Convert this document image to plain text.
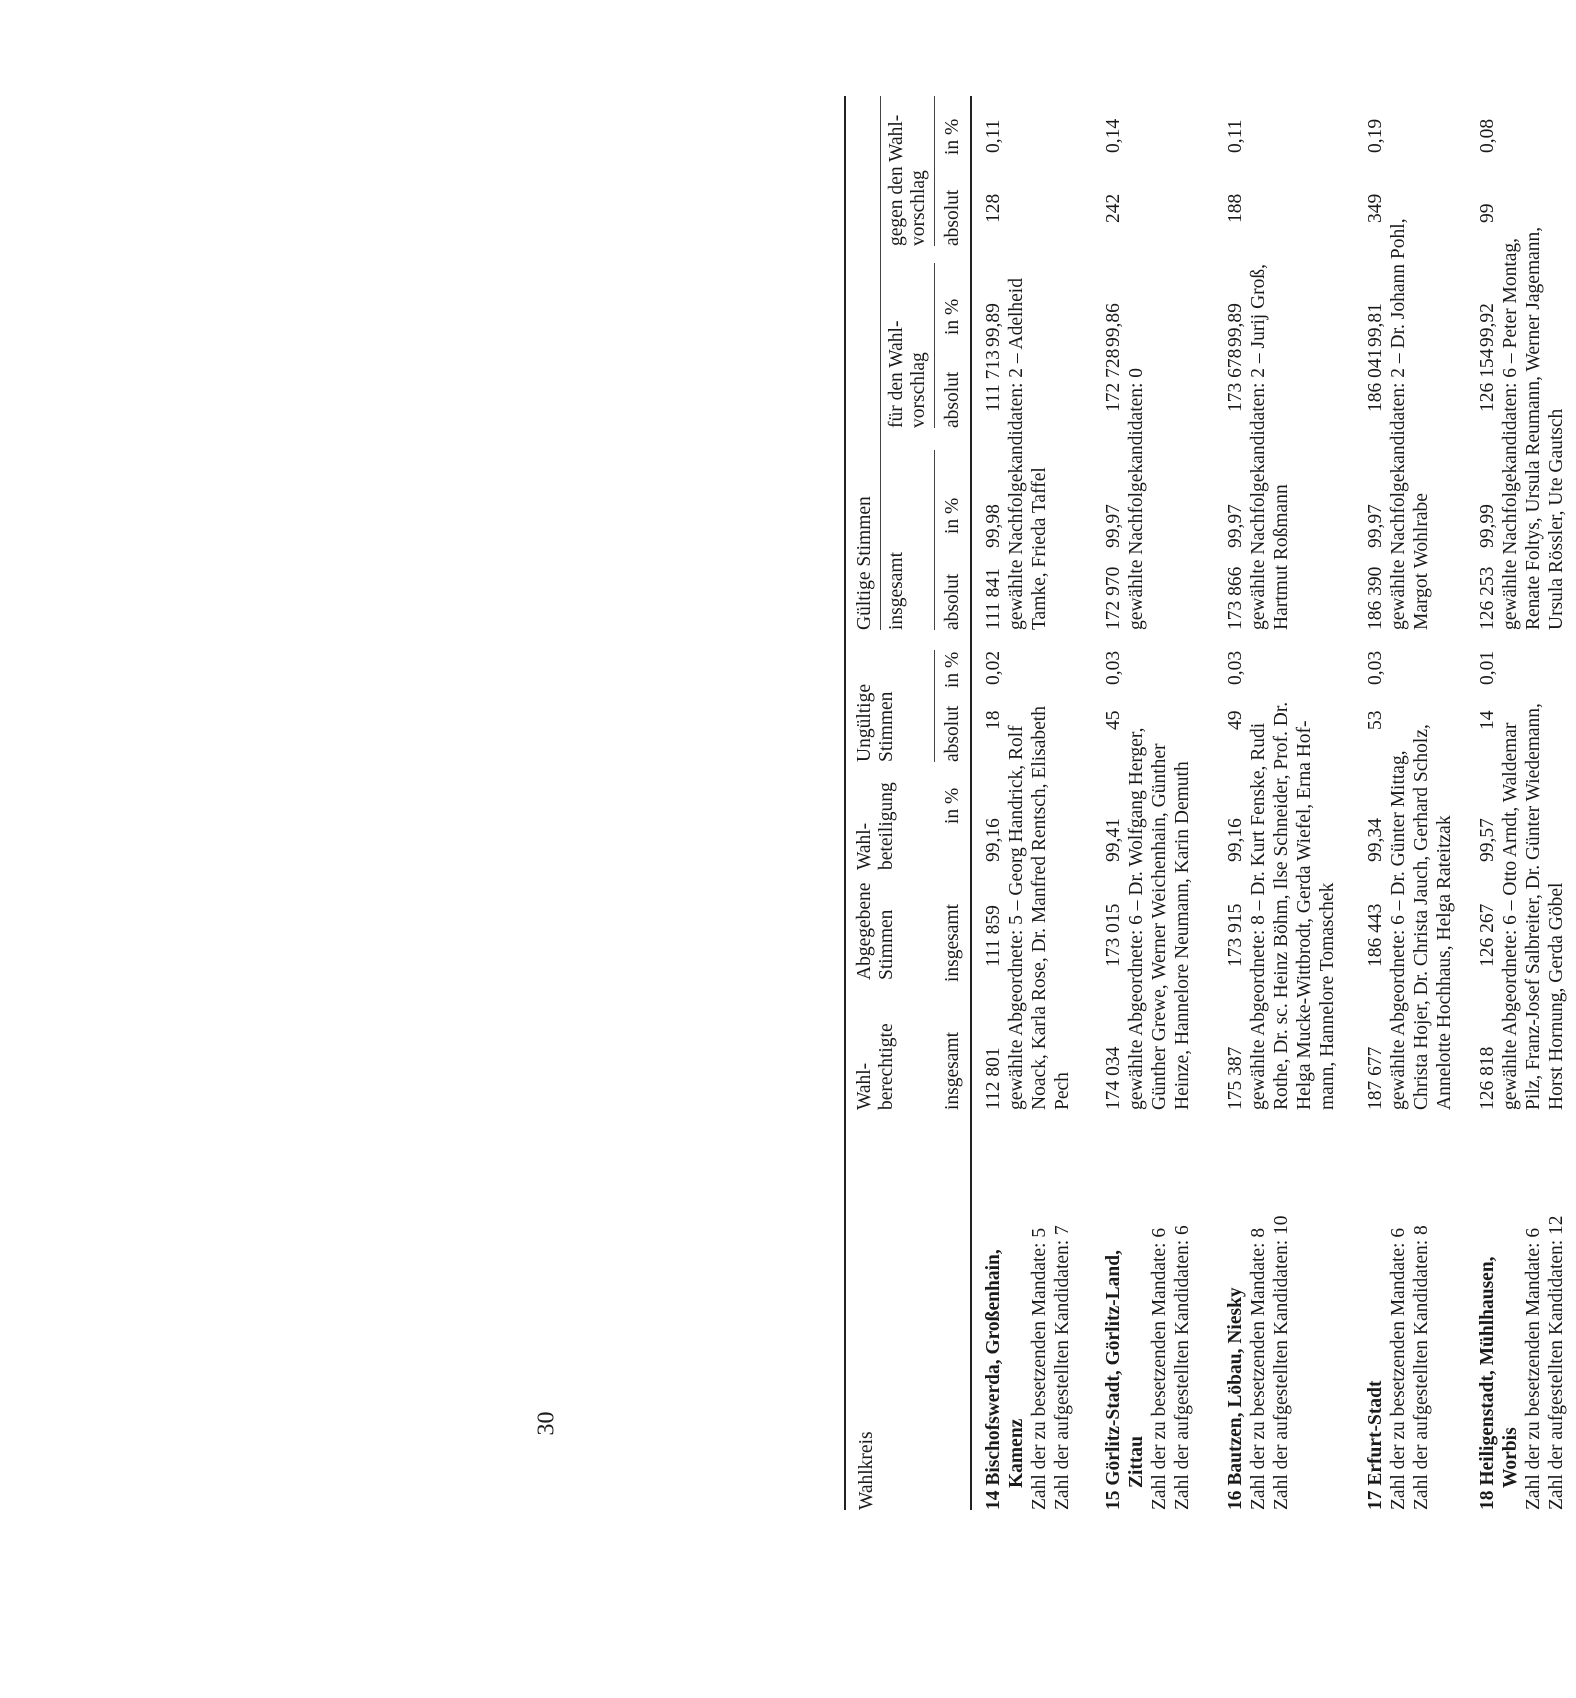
30
Wahlkreis
Wahl- berechtigte
Abgegebene Stimmen
Wahl- beteiligung
Ungültige Stimmen
Gültige Stimmen insgesamt
für den Wahl- vorschlag
gegen den Wahl- vorschlag
insgesamt
insgesamt
in %
absolut
in %
absolut
in %
absolut
in %
absolut
in %
14 Bischofswerda, Großenhain, Kamenz Zahl der zu besetzenden Mandate: 5 Zahl der aufgestellten Kandidaten: 7
112 801
111 859
99,16
18
0,02
111 841
99,98
111 713
99,89
128
0,11
gewählte Abgeordnete: 5 – Georg Handrick, Rolf Noack, Karla Rose, Dr. Manfred Rentsch, Elisabeth Pech
gewählte Nachfolgekandidaten: 2 – Adelheid Tamke, Frieda Taffel
15 Görlitz-Stadt, Görlitz-Land, Zittau Zahl der zu besetzenden Mandate: 6 Zahl der aufgestellten Kandidaten: 6
174 034
173 015
99,41
45
0,03
172 970
99,97
172 728
99,86
242
0,14
gewählte Abgeordnete: 6 – Dr. Wolfgang Herger, Günther Grewe, Werner Weichenhain, Günther Heinze, Hannelore Neumann, Karin Demuth
gewählte Nachfolgekandidaten: 0
16 Bautzen, Löbau, Niesky Zahl der zu besetzenden Mandate: 8 Zahl der aufgestellten Kandidaten: 10
175 387
173 915
99,16
49
0,03
173 866
99,97
173 678
99,89
188
0,11
gewählte Abgeordnete: 8 – Dr. Kurt Fenske, Rudi Rothe, Dr. sc. Heinz Böhm, Ilse Schneider, Prof. Dr. Helga Mucke-Wittbrodt, Gerda Wiefel, Erna Hof- mann, Hannelore Tomaschek
gewählte Nachfolgekandidaten: 2 – Jurij Groß, Hartmut Roßmann
17 Erfurt-Stadt Zahl der zu besetzenden Mandate: 6 Zahl der aufgestellten Kandidaten: 8
187 677
186 443
99,34
53
0,03
186 390
99,97
186 041
99,81
349
0,19
gewählte Abgeordnete: 6 – Dr. Günter Mittag, Christa Hojer, Dr. Christa Jauch, Gerhard Scholz, Annelotte Hochhaus, Helga Rateitzak
gewählte Nachfolgekandidaten: 2 – Dr. Johann Pohl, Margot Wohlrabe
18 Heiligenstadt, Mühlhausen, Worbis Zahl der zu besetzenden Mandate: 6 Zahl der aufgestellten Kandidaten: 12
126 818
126 267
99,57
14
0,01
126 253
99,99
126 154
99,92
99
0,08
gewählte Abgeordnete: 6 – Otto Arndt, Waldemar Pilz, Franz-Josef Salbreiter, Dr. Günter Wiedemann, Horst Hornung, Gerda Göbel
gewählte Nachfolgekandidaten: 6 – Peter Montag, Renate Foltys, Ursula Reumann, Werner Jagemann, Ursula Rössler, Ute Gautsch
